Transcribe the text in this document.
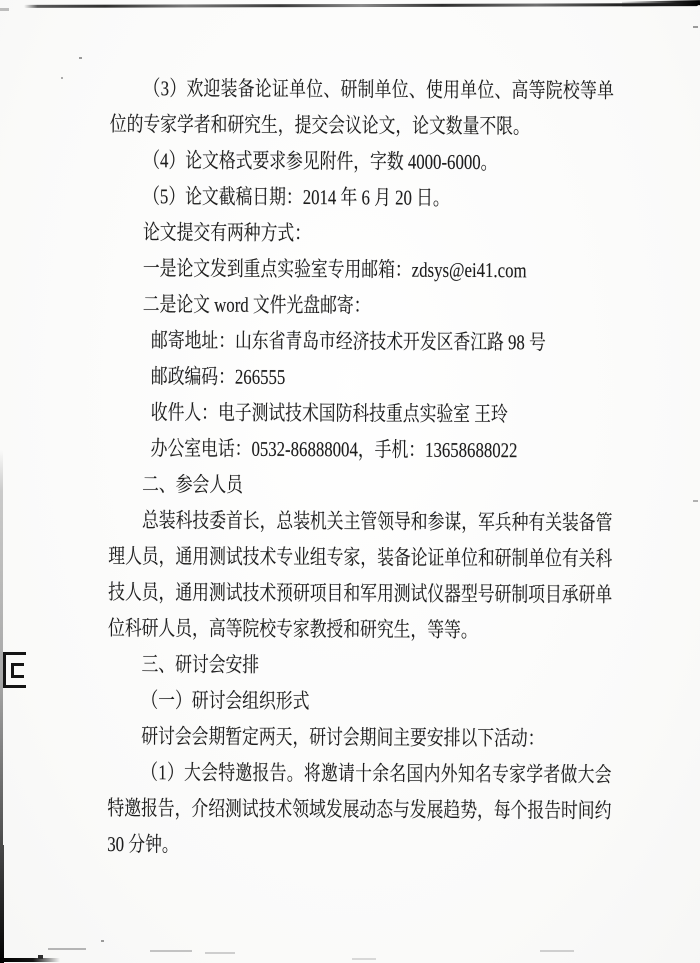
（3）欢迎装备论证单位、研制单位、使用单位、高等院校等单位的专家学者和研究生，提交会议论文，论文数量不限。

（4）论文格式要求参见附件，字数 4000-6000。

（5）论文截稿日期：2014 年 6 月 20 日。

论文提交有两种方式：

一是论文发到重点实验室专用邮箱：zdsys@ei41.com

二是论文 word 文件光盘邮寄：

邮寄地址：山东省青岛市经济技术开发区香江路 98 号

邮政编码：266555

收件人：电子测试技术国防科技重点实验室 王玲

办公室电话：0532-86888004，手机：13658688022

二、参会人员

总装科技委首长，总装机关主管领导和参谋，军兵种有关装备管理人员，通用测试技术专业组专家，装备论证单位和研制单位有关科技人员，通用测试技术预研项目和军用测试仪器型号研制项目承研单位科研人员，高等院校专家教授和研究生，等等。

三、研讨会安排

（一）研讨会组织形式

研讨会会期暂定两天，研讨会期间主要安排以下活动：

（1）大会特邀报告。将邀请十余名国内外知名专家学者做大会特邀报告，介绍测试技术领域发展动态与发展趋势，每个报告时间约 30 分钟。
